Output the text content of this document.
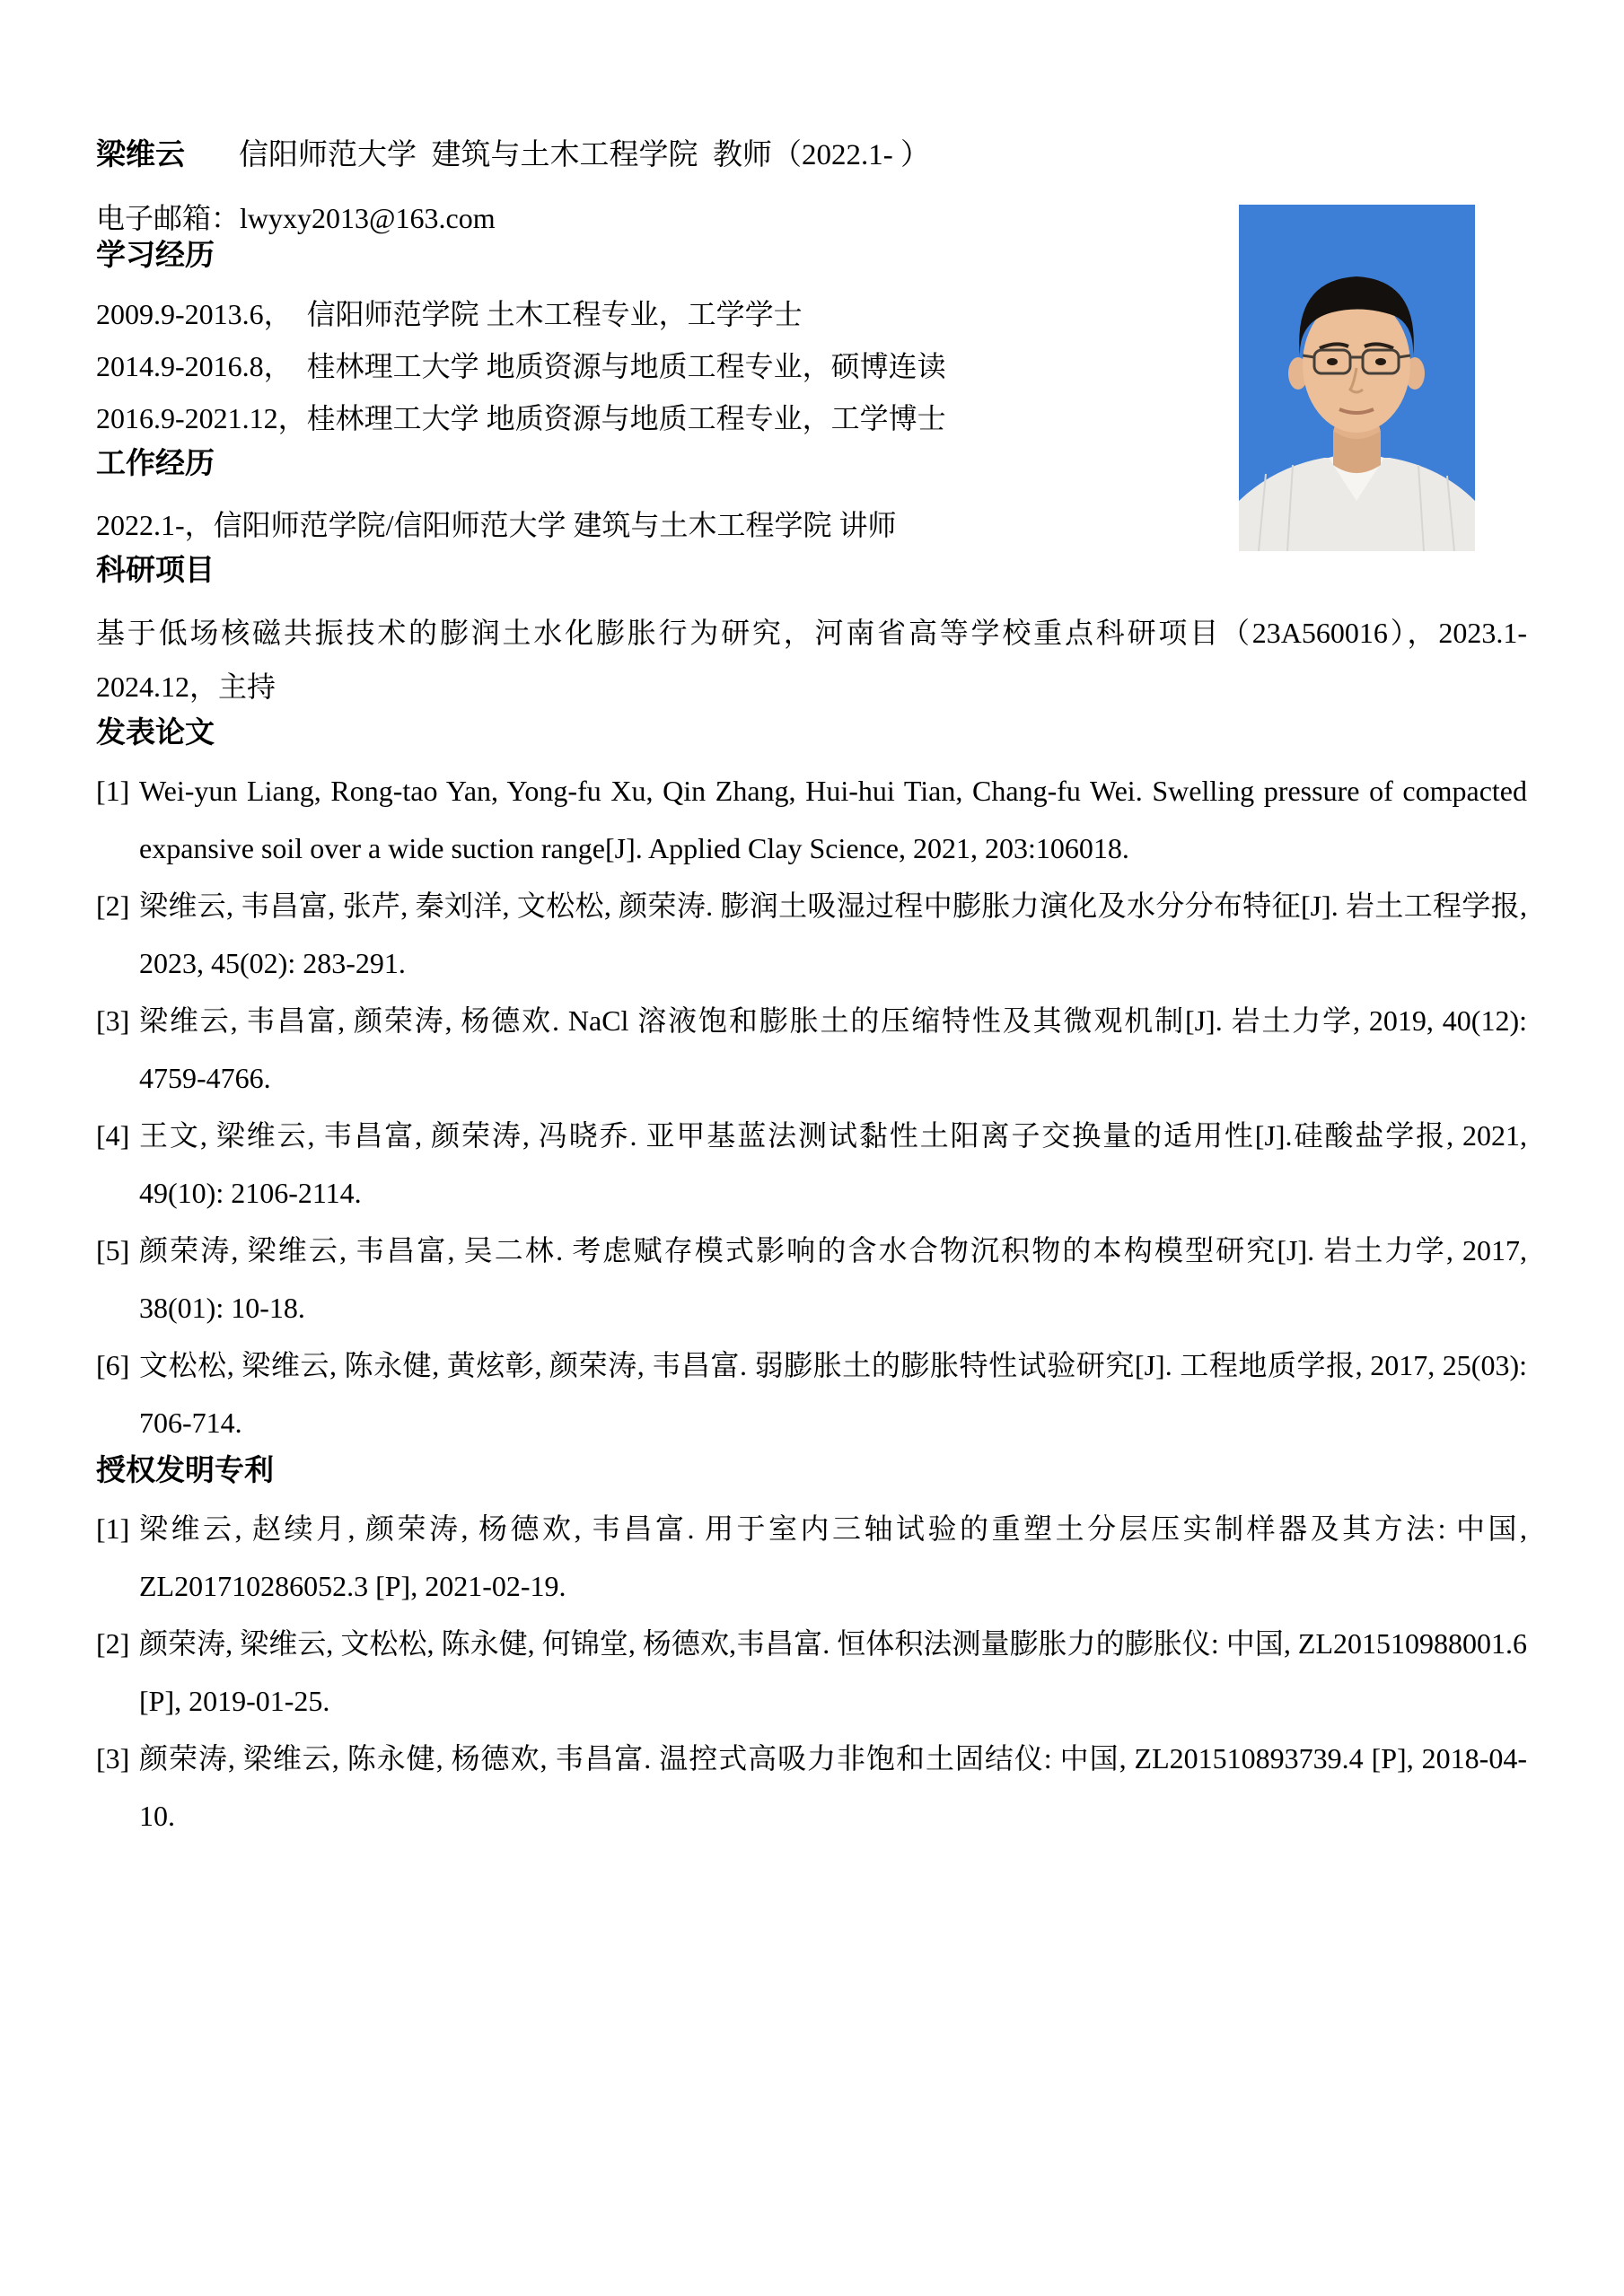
梁维云 信阳师范大学  建筑与土木工程学院  教师（2022.1- ）
电子邮箱：lwyxy2013@163.com
学习经历

2009.9-2013.6，  信阳师范学院 土木工程专业，工学学士

2014.9-2016.8，  桂林理工大学 地质资源与地质工程专业，硕博连读

2016.9-2021.12，桂林理工大学 地质资源与地质工程专业，工学博士

工作经历

2022.1-，信阳师范学院/信阳师范大学 建筑与土木工程学院 讲师

科研项目

基于低场核磁共振技术的膨润土水化膨胀行为研究，河南省高等学校重点科研项目（23A560016），2023.1-2024.12，主持

发表论文
[1] Wei-yun Liang, Rong-tao Yan, Yong-fu Xu, Qin Zhang, Hui-hui Tian, Chang-fu Wei. Swelling pressure of compacted expansive soil over a wide suction range[J]. Applied Clay Science, 2021, 203:106018.
[2] 梁维云, 韦昌富, 张芹, 秦刘洋, 文松松, 颜荣涛. 膨润土吸湿过程中膨胀力演化及水分分布特征[J]. 岩土工程学报, 2023, 45(02): 283-291.
[3] 梁维云, 韦昌富, 颜荣涛, 杨德欢. NaCl 溶液饱和膨胀土的压缩特性及其微观机制[J]. 岩土力学, 2019, 40(12): 4759-4766.
[4] 王文, 梁维云, 韦昌富, 颜荣涛, 冯晓乔. 亚甲基蓝法测试黏性土阳离子交换量的适用性[J].硅酸盐学报, 2021, 49(10): 2106-2114.
[5] 颜荣涛, 梁维云, 韦昌富, 吴二林. 考虑赋存模式影响的含水合物沉积物的本构模型研究[J]. 岩土力学, 2017, 38(01): 10-18.
[6] 文松松, 梁维云, 陈永健, 黄炫彰, 颜荣涛, 韦昌富. 弱膨胀土的膨胀特性试验研究[J]. 工程地质学报, 2017, 25(03): 706-714.
授权发明专利
[1] 梁维云, 赵续月, 颜荣涛, 杨德欢, 韦昌富. 用于室内三轴试验的重塑土分层压实制样器及其方法: 中国, ZL201710286052.3 [P], 2021-02-19.
[2] 颜荣涛, 梁维云, 文松松, 陈永健, 何锦堂, 杨德欢,韦昌富. 恒体积法测量膨胀力的膨胀仪: 中国, ZL201510988001.6 [P], 2019-01-25.
[3] 颜荣涛, 梁维云, 陈永健, 杨德欢, 韦昌富. 温控式高吸力非饱和土固结仪: 中国, ZL201510893739.4 [P], 2018-04-10.
